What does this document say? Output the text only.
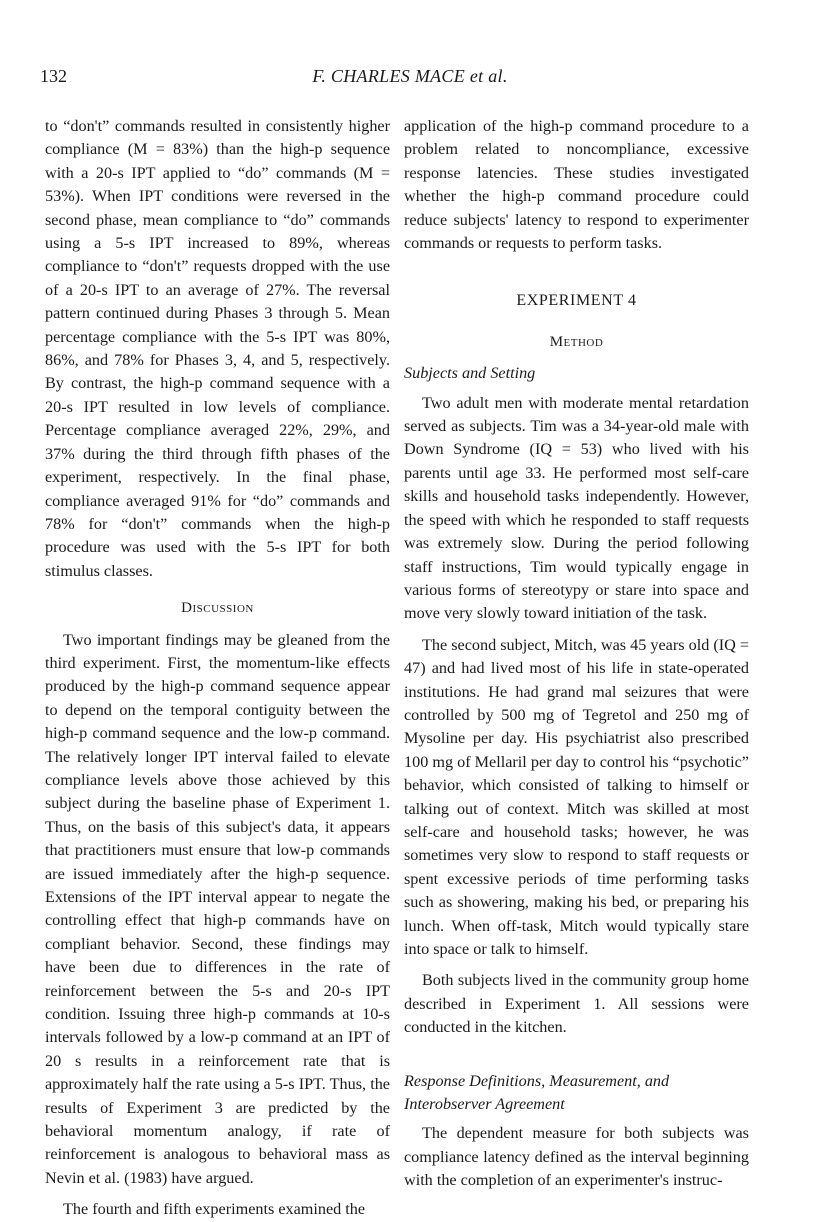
132	F. CHARLES MACE et al.

to “don't” commands resulted in consistently higher compliance (M = 83%) than the high-p sequence with a 20-s IPT applied to “do” commands (M = 53%). When IPT conditions were reversed in the second phase, mean compliance to “do” commands using a 5-s IPT increased to 89%, whereas compliance to “don't” requests dropped with the use of a 20-s IPT to an average of 27%. The reversal pattern continued during Phases 3 through 5. Mean percentage compliance with the 5-s IPT was 80%, 86%, and 78% for Phases 3, 4, and 5, respectively. By contrast, the high-p command sequence with a 20-s IPT resulted in low levels of compliance. Percentage compliance averaged 22%, 29%, and 37% during the third through fifth phases of the experiment, respectively. In the final phase, compliance averaged 91% for “do” commands and 78% for “don't” commands when the high-p procedure was used with the 5-s IPT for both stimulus classes.

Discussion

Two important findings may be gleaned from the third experiment. First, the momentum-like effects produced by the high-p command sequence appear to depend on the temporal contiguity between the high-p command sequence and the low-p command. The relatively longer IPT interval failed to elevate compliance levels above those achieved by this subject during the baseline phase of Experiment 1. Thus, on the basis of this subject's data, it appears that practitioners must ensure that low-p commands are issued immediately after the high-p sequence. Extensions of the IPT interval appear to negate the controlling effect that high-p commands have on compliant behavior. Second, these findings may have been due to differences in the rate of reinforcement between the 5-s and 20-s IPT condition. Issuing three high-p commands at 10-s intervals followed by a low-p command at an IPT of 20 s results in a reinforcement rate that is approximately half the rate using a 5-s IPT. Thus, the results of Experiment 3 are predicted by the behavioral momentum analogy, if rate of reinforcement is analogous to behavioral mass as Nevin et al. (1983) have argued.

The fourth and fifth experiments examined the

application of the high-p command procedure to a problem related to noncompliance, excessive response latencies. These studies investigated whether the high-p command procedure could reduce subjects' latency to respond to experimenter commands or requests to perform tasks.

EXPERIMENT 4
Method
Subjects and Setting

Two adult men with moderate mental retardation served as subjects. Tim was a 34-year-old male with Down Syndrome (IQ = 53) who lived with his parents until age 33. He performed most self-care skills and household tasks independently. However, the speed with which he responded to staff requests was extremely slow. During the period following staff instructions, Tim would typically engage in various forms of stereotypy or stare into space and move very slowly toward initiation of the task.

The second subject, Mitch, was 45 years old (IQ = 47) and had lived most of his life in state-operated institutions. He had grand mal seizures that were controlled by 500 mg of Tegretol and 250 mg of Mysoline per day. His psychiatrist also prescribed 100 mg of Mellaril per day to control his “psychotic” behavior, which consisted of talking to himself or talking out of context. Mitch was skilled at most self-care and household tasks; however, he was sometimes very slow to respond to staff requests or spent excessive periods of time performing tasks such as showering, making his bed, or preparing his lunch. When off-task, Mitch would typically stare into space or talk to himself.

Both subjects lived in the community group home described in Experiment 1. All sessions were conducted in the kitchen.

Response Definitions, Measurement, and Interobserver Agreement

The dependent measure for both subjects was compliance latency defined as the interval beginning with the completion of an experimenter's instruc-
